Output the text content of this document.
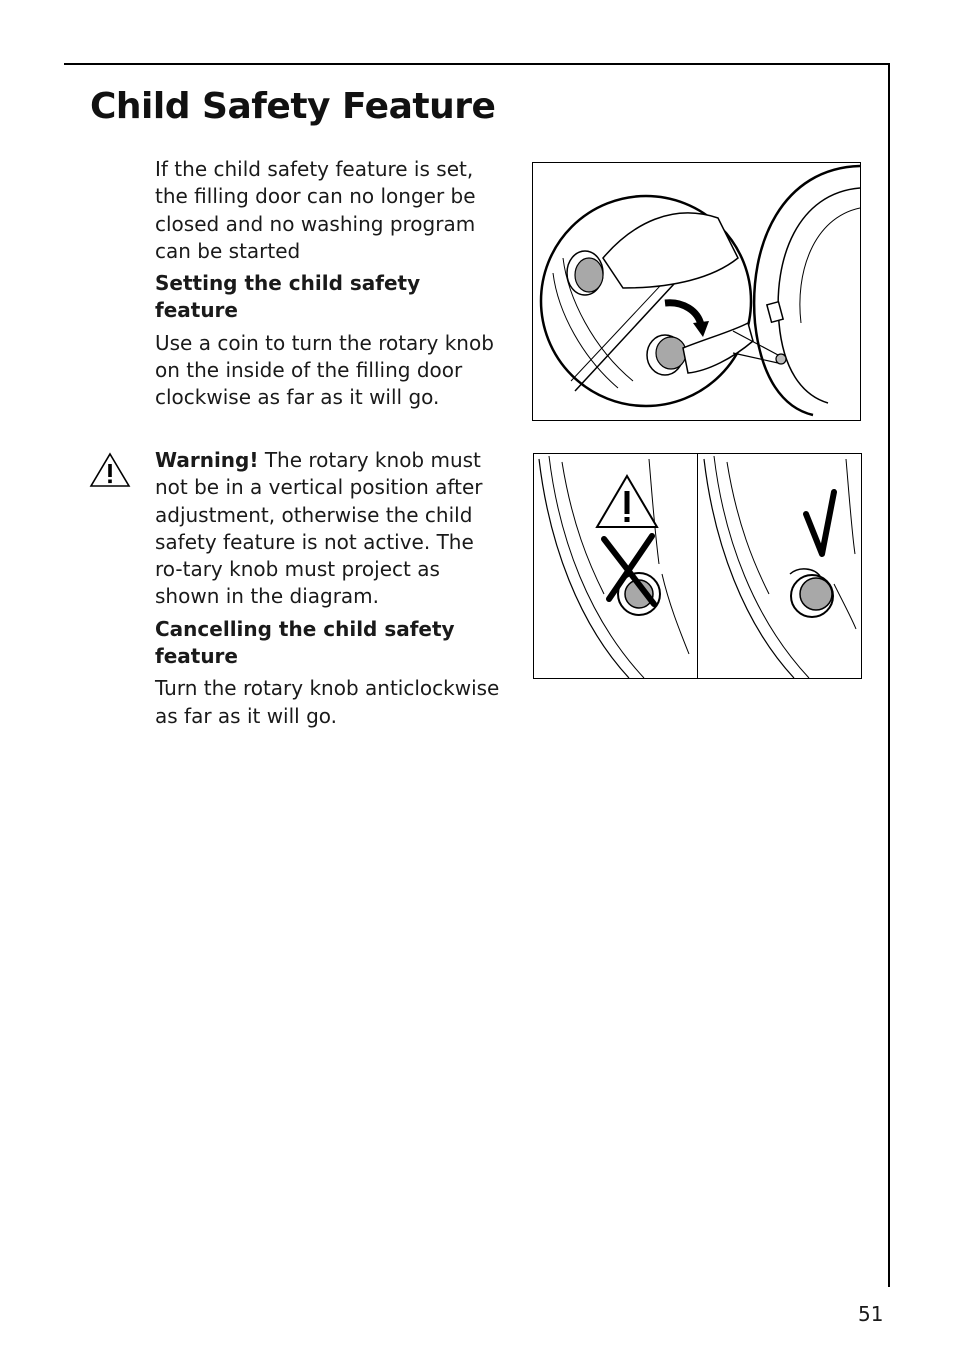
Child Safety Feature

If the child safety feature is set, the filling door can no longer be closed and no washing program can be started

Setting the child safety feature

Use a coin to turn the rotary knob on the inside of the filling door clockwise as far as it will go.

Warning! The rotary knob must not be in a vertical position after adjustment, otherwise the child safety feature is not active. The ro-tary knob must project as shown in the diagram.

Cancelling the child safety feature

Turn the rotary knob anticlockwise as far as it will go.

51
